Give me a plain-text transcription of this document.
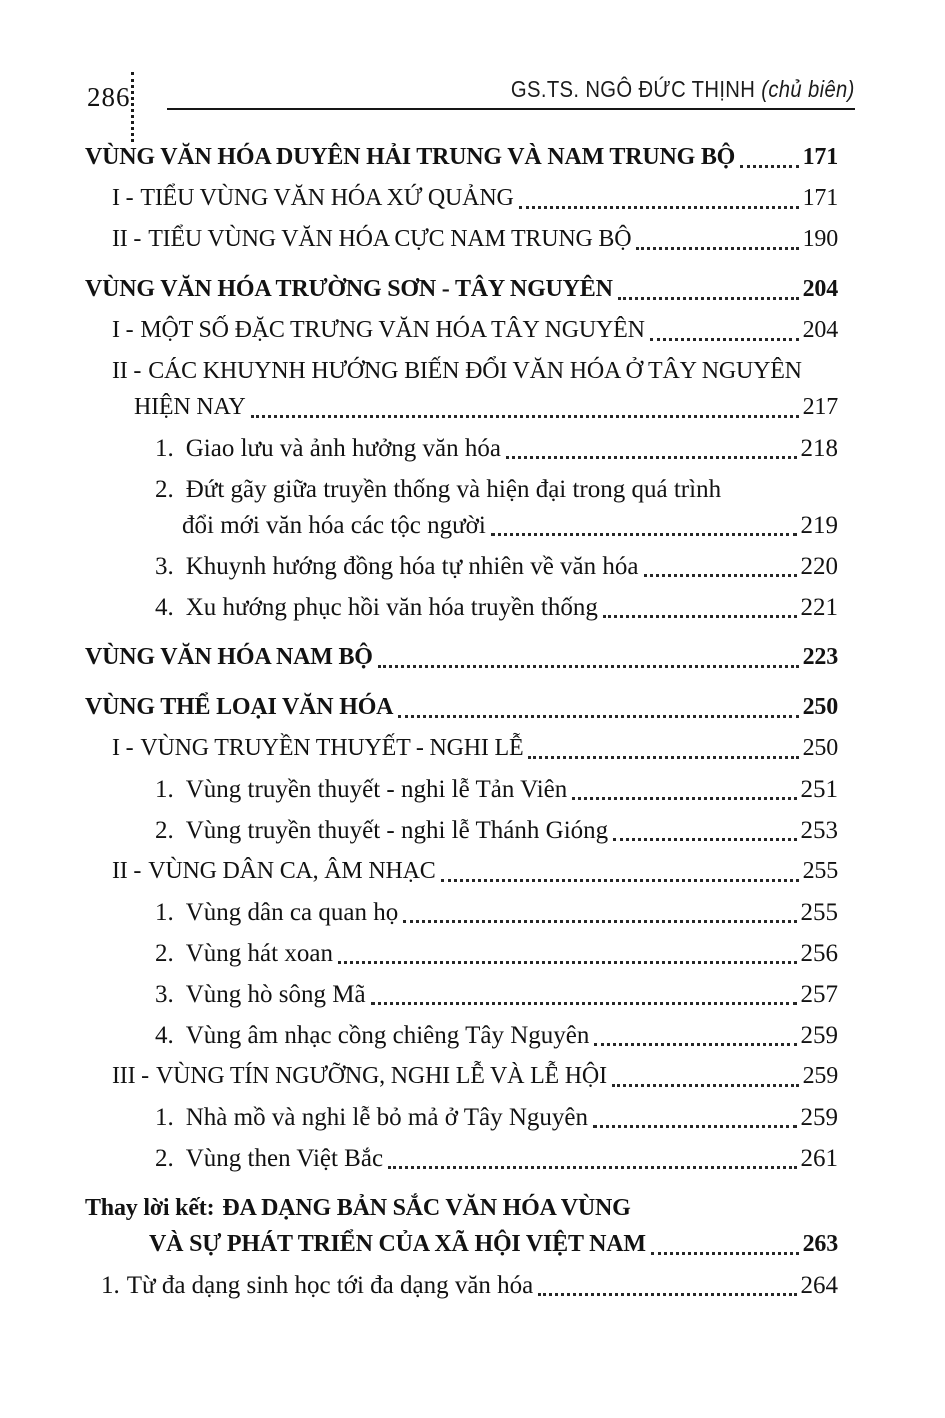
286	GS.TS. NGÔ ĐỨC THỊNH (chủ biên)
VÙNG VĂN HÓA DUYÊN HẢI TRUNG VÀ NAM TRUNG BỘ	171
I - TIỂU VÙNG VĂN HÓA XỨ QUẢNG	171
II - TIỂU VÙNG VĂN HÓA CỰC NAM TRUNG BỘ	190
VÙNG VĂN HÓA TRƯỜNG SƠN - TÂY NGUYÊN	204
I - MỘT SỐ ĐẶC TRƯNG VĂN HÓA TÂY NGUYÊN	204
II - CÁC KHUYNH HƯỚNG BIẾN ĐỔI VĂN HÓA Ở TÂY NGUYÊN
HIỆN NAY	217
1. Giao lưu và ảnh hưởng văn hóa	218
2. Đứt gãy giữa truyền thống và hiện đại trong quá trình
đổi mới văn hóa các tộc người	219
3. Khuynh hướng đồng hóa tự nhiên về văn hóa	220
4. Xu hướng phục hồi văn hóa truyền thống	221
VÙNG VĂN HÓA NAM BỘ	223
VÙNG THỂ LOẠI VĂN HÓA	250
I - VÙNG TRUYỀN THUYẾT - NGHI LỄ	250
1. Vùng truyền thuyết - nghi lễ Tản Viên	251
2. Vùng truyền thuyết - nghi lễ Thánh Gióng	253
II - VÙNG DÂN CA, ÂM NHẠC	255
1. Vùng dân ca quan họ	255
2. Vùng hát xoan	256
3. Vùng hò sông Mã	257
4. Vùng âm nhạc cồng chiêng Tây Nguyên	259
III - VÙNG TÍN NGƯỠNG, NGHI LỄ VÀ LỄ HỘI	259
1. Nhà mồ và nghi lễ bỏ mả ở Tây Nguyên	259
2. Vùng then Việt Bắc	261
Thay lời kết: ĐA DẠNG BẢN SẮC VĂN HÓA VÙNG
VÀ SỰ PHÁT TRIỂN CỦA XÃ HỘI VIỆT NAM	263
1. Từ đa dạng sinh học tới đa dạng văn hóa	264
